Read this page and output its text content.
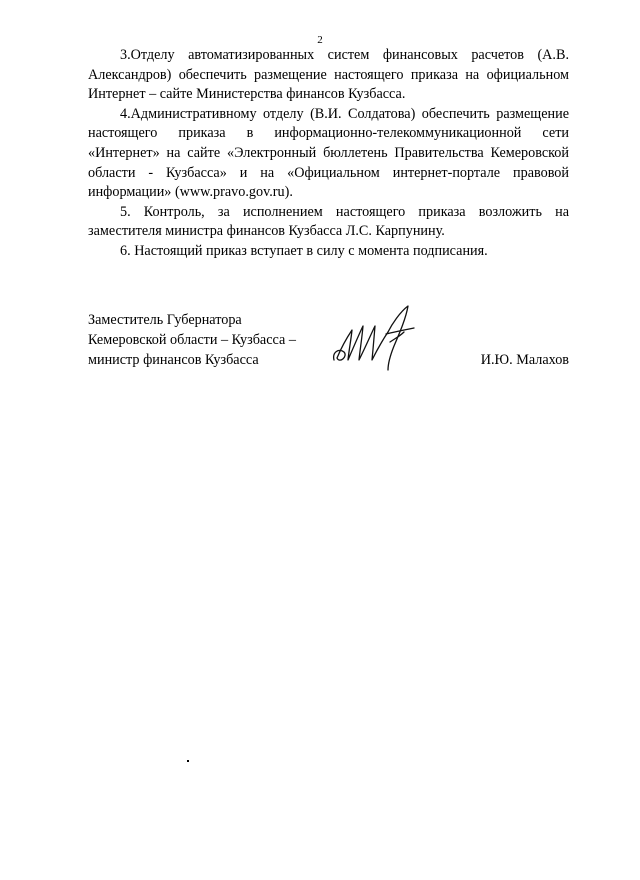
2

3.Отделу автоматизированных систем финансовых расчетов (А.В. Александров) обеспечить размещение настоящего приказа на официальном Интернет – сайте Министерства финансов Кузбасса.

4.Административному отделу (В.И. Солдатова) обеспечить размещение настоящего приказа в информационно-телекоммуникационной сети «Интернет» на сайте «Электронный бюллетень Правительства Кемеровской области - Кузбасса» и на «Официальном интернет-портале правовой информации» (www.pravo.gov.ru).

5. Контроль, за исполнением настоящего приказа возложить на заместителя министра финансов Кузбасса Л.С. Карпунину.

6. Настоящий приказ вступает в силу с момента подписания.

Заместитель Губернатора
Кемеровской области – Кузбасса –
министр финансов Кузбасса	И.Ю. Малахов
